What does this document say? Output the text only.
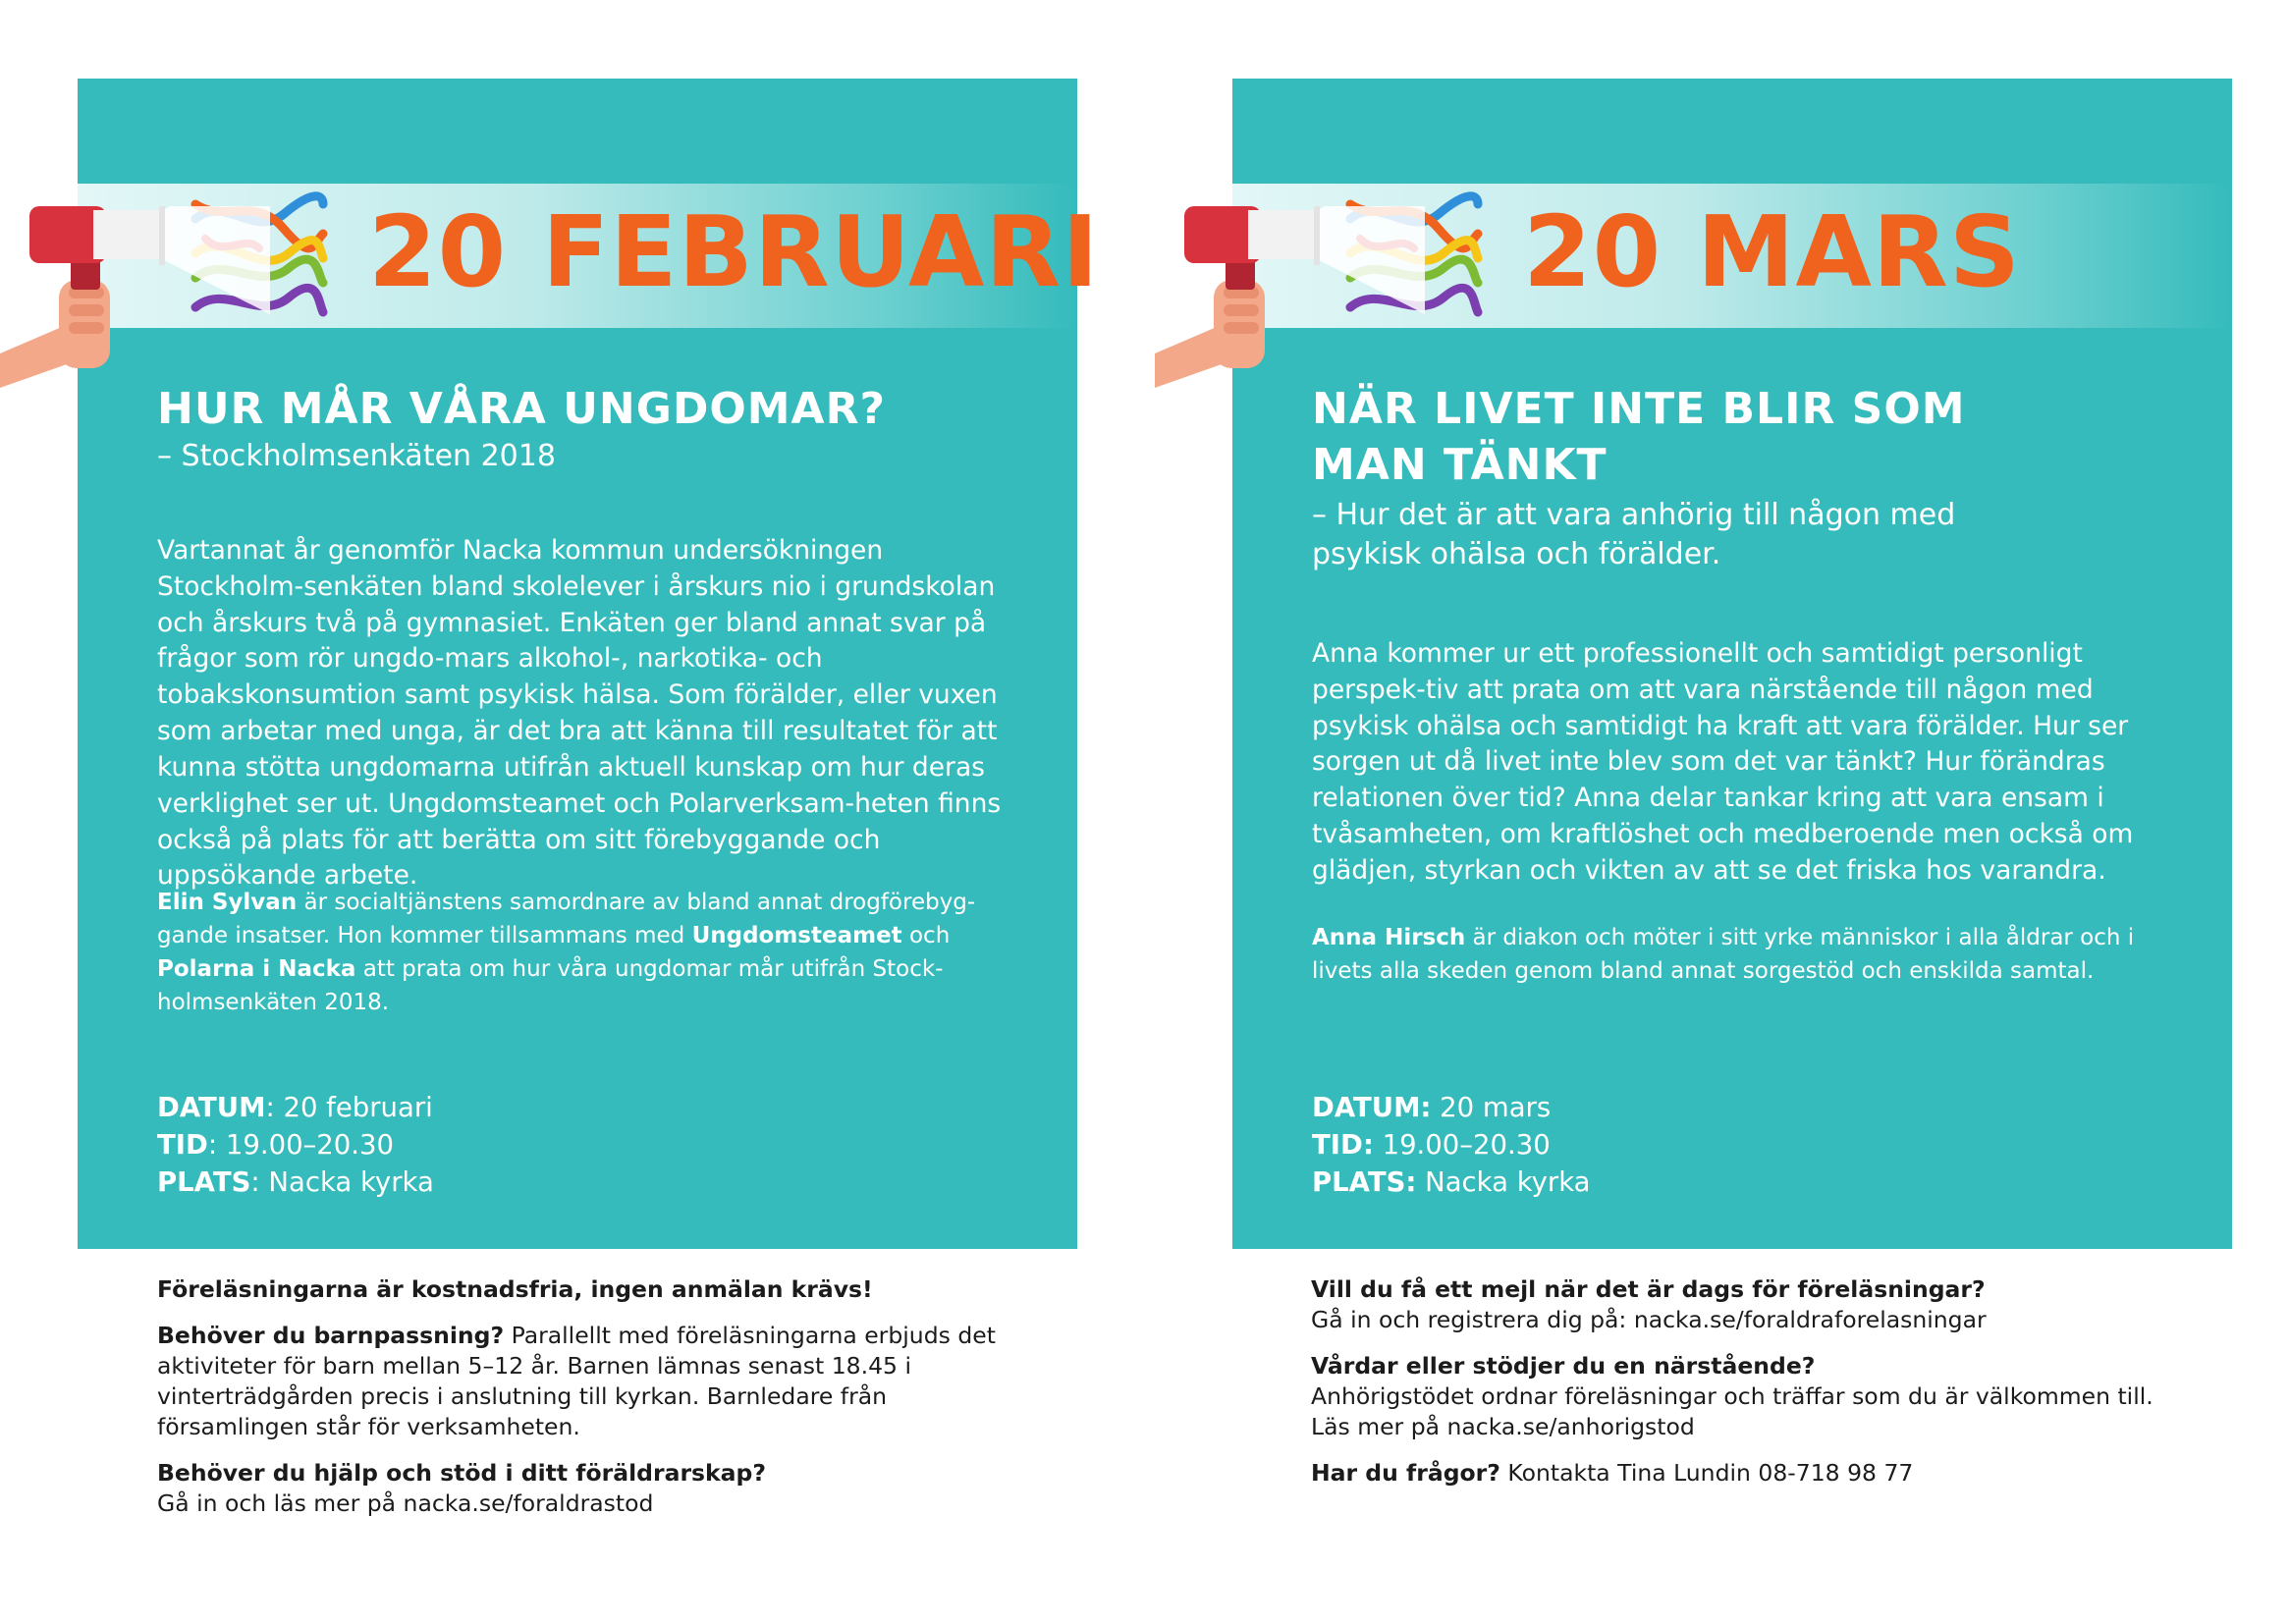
20 FEBRUARI
HUR MÅR VÅRA UNGDOMAR?
– Stockholmsenkäten 2018
Vartannat år genomför Nacka kommun undersökningen Stockholm-senkäten bland skolelever i årskurs nio i grundskolan och årskurs två på gymnasiet. Enkäten ger bland annat svar på frågor som rör ungdo-mars alkohol-, narkotika- och tobakskonsumtion samt psykisk hälsa. Som förälder, eller vuxen som arbetar med unga, är det bra att känna till resultatet för att kunna stötta ungdomarna utifrån aktuell kunskap om hur deras verklighet ser ut. Ungdomsteamet och Polarverksam-heten finns också på plats för att berätta om sitt förebyggande och uppsökande arbete.
Elin Sylvan är socialtjänstens samordnare av bland annat drogförebyg-gande insatser. Hon kommer tillsammans med Ungdomsteamet och Polarna i Nacka att prata om hur våra ungdomar mår utifrån Stock-holmsenkäten 2018.
DATUM: 20 februari
TID: 19.00–20.30
PLATS: Nacka kyrka
20 MARS
NÄR LIVET INTE BLIR SOM
MAN TÄNKT
– Hur det är att vara anhörig till någon med psykisk ohälsa och förälder.
Anna kommer ur ett professionellt och samtidigt personligt perspek-tiv att prata om att vara närstående till någon med psykisk ohälsa och samtidigt ha kraft att vara förälder. Hur ser sorgen ut då livet inte blev som det var tänkt? Hur förändras relationen över tid? Anna delar tankar kring att vara ensam i tvåsamheten, om kraftlöshet och medberoende men också om glädjen, styrkan och vikten av att se det friska hos varandra.
Anna Hirsch är diakon och möter i sitt yrke människor i alla åldrar och i livets alla skeden genom bland annat sorgestöd och enskilda samtal.
DATUM: 20 mars
TID: 19.00–20.30
PLATS: Nacka kyrka
Föreläsningarna är kostnadsfria, ingen anmälan krävs!
Behöver du barnpassning? Parallellt med föreläsningarna erbjuds det aktiviteter för barn mellan 5–12 år. Barnen lämnas senast 18.45 i vinterträdgården precis i anslutning till kyrkan. Barnledare från församlingen står för verksamheten.
Behöver du hjälp och stöd i ditt föräldrarskap?
Gå in och läs mer på nacka.se/foraldrastod
Vill du få ett mejl när det är dags för föreläsningar?
Gå in och registrera dig på: nacka.se/foraldraforelasningar
Vårdar eller stödjer du en närstående?
Anhörigstödet ordnar föreläsningar och träffar som du är välkommen till.
Läs mer på nacka.se/anhorigstod
Har du frågor? Kontakta Tina Lundin 08-718 98 77
